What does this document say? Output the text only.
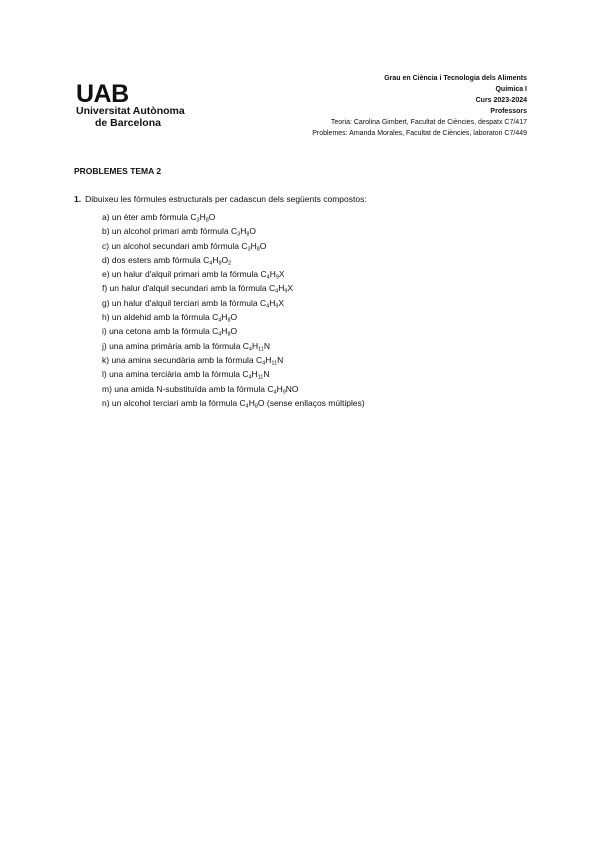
UAB
Universitat Autònoma
de Barcelona
Grau en Ciència i Tecnologia dels Aliments
Química I
Curs 2023-2024
Professors
Teoria: Carolina Gimbert, Facultat de Ciències, despatx C7/417
Problemes: Amanda Morales, Facultat de Ciències, laboratori C7/449
PROBLEMES TEMA 2
1. Dibuixeu les fórmules estructurals per cadascun dels següents compostos:
a) un èter amb fórmula $C_3H_8O$
b) un alcohol primari amb fórmula $C_3H_8O$
c) un alcohol secundari amb fórmula $C_3H_8O$
d) dos esters amb fórmula $C_4H_8O_2$
e) un halur d'alquil primari amb la fórmula $C_4H_9X$
f) un halur d'alquil secundari amb la fórmula $C_4H_9X$
g) un halur d'alquil terciari amb la fórmula $C_4H_9X$
h) un aldehid amb la fórmula $C_4H_8O$
i) una cetona amb la fórmula $C_4H_8O$
j) una amina primària amb la fórmula $C_4H_{11}N$
k) una amina secundària amb la fórmula $C_4H_{11}N$
l) una amina terciària amb la fórmula $C_4H_{11}N$
m) una amida N-substituïda amb la fórmula $C_4H_9NO$
n) un alcohol terciari amb la fórmula $C_4H_8O$ (sense enllaços múltiples)
